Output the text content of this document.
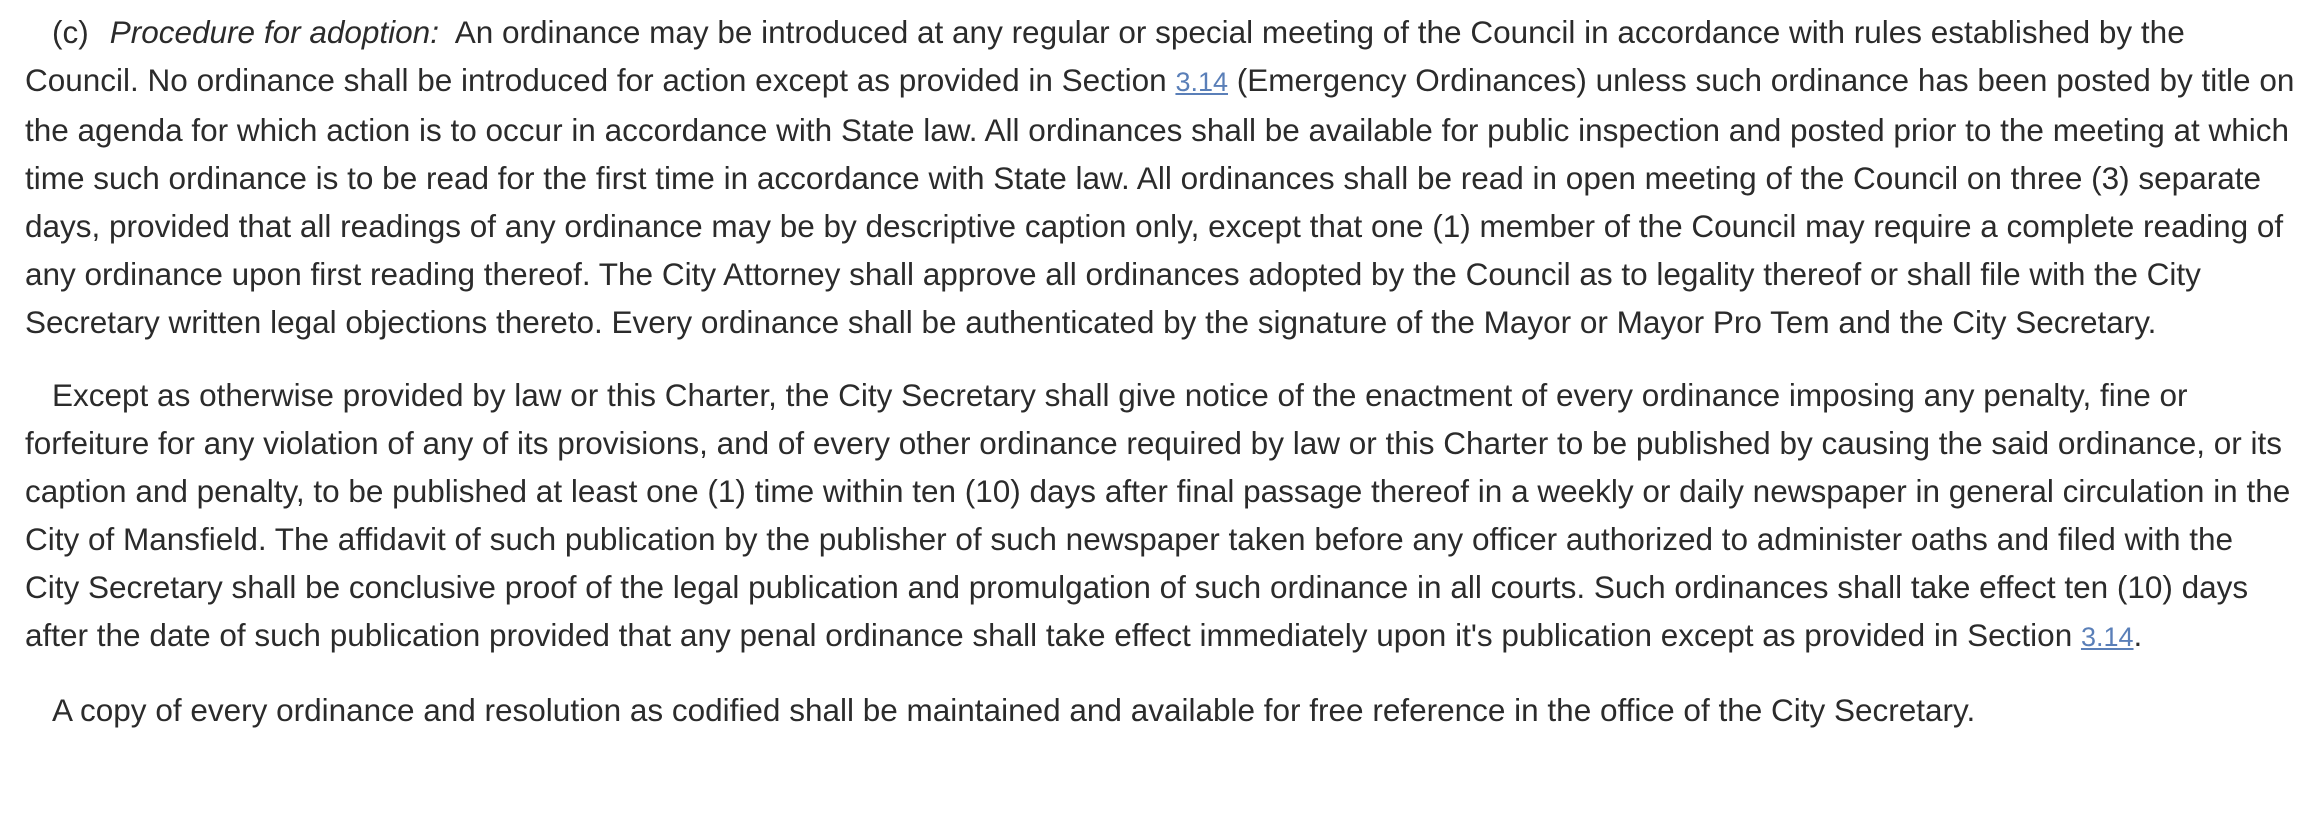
(c) Procedure for adoption:  An ordinance may be introduced at any regular or special meeting of the Council in accordance with rules established by the Council. No ordinance shall be introduced for action except as provided in Section 3.14 (Emergency Ordinances) unless such ordinance has been posted by title on the agenda for which action is to occur in accordance with State law. All ordinances shall be available for public inspection and posted prior to the meeting at which time such ordinance is to be read for the first time in accordance with State law. All ordinances shall be read in open meeting of the Council on three (3) separate days, provided that all readings of any ordinance may be by descriptive caption only, except that one (1) member of the Council may require a complete reading of any ordinance upon first reading thereof. The City Attorney shall approve all ordinances adopted by the Council as to legality thereof or shall file with the City Secretary written legal objections thereto. Every ordinance shall be authenticated by the signature of the Mayor or Mayor Pro Tem and the City Secretary.

Except as otherwise provided by law or this Charter, the City Secretary shall give notice of the enactment of every ordinance imposing any penalty, fine or forfeiture for any violation of any of its provisions, and of every other ordinance required by law or this Charter to be published by causing the said ordinance, or its caption and penalty, to be published at least one (1) time within ten (10) days after final passage thereof in a weekly or daily newspaper in general circulation in the City of Mansfield. The affidavit of such publication by the publisher of such newspaper taken before any officer authorized to administer oaths and filed with the City Secretary shall be conclusive proof of the legal publication and promulgation of such ordinance in all courts. Such ordinances shall take effect ten (10) days after the date of such publication provided that any penal ordinance shall take effect immediately upon it's publication except as provided in Section 3.14.

A copy of every ordinance and resolution as codified shall be maintained and available for free reference in the office of the City Secretary.
